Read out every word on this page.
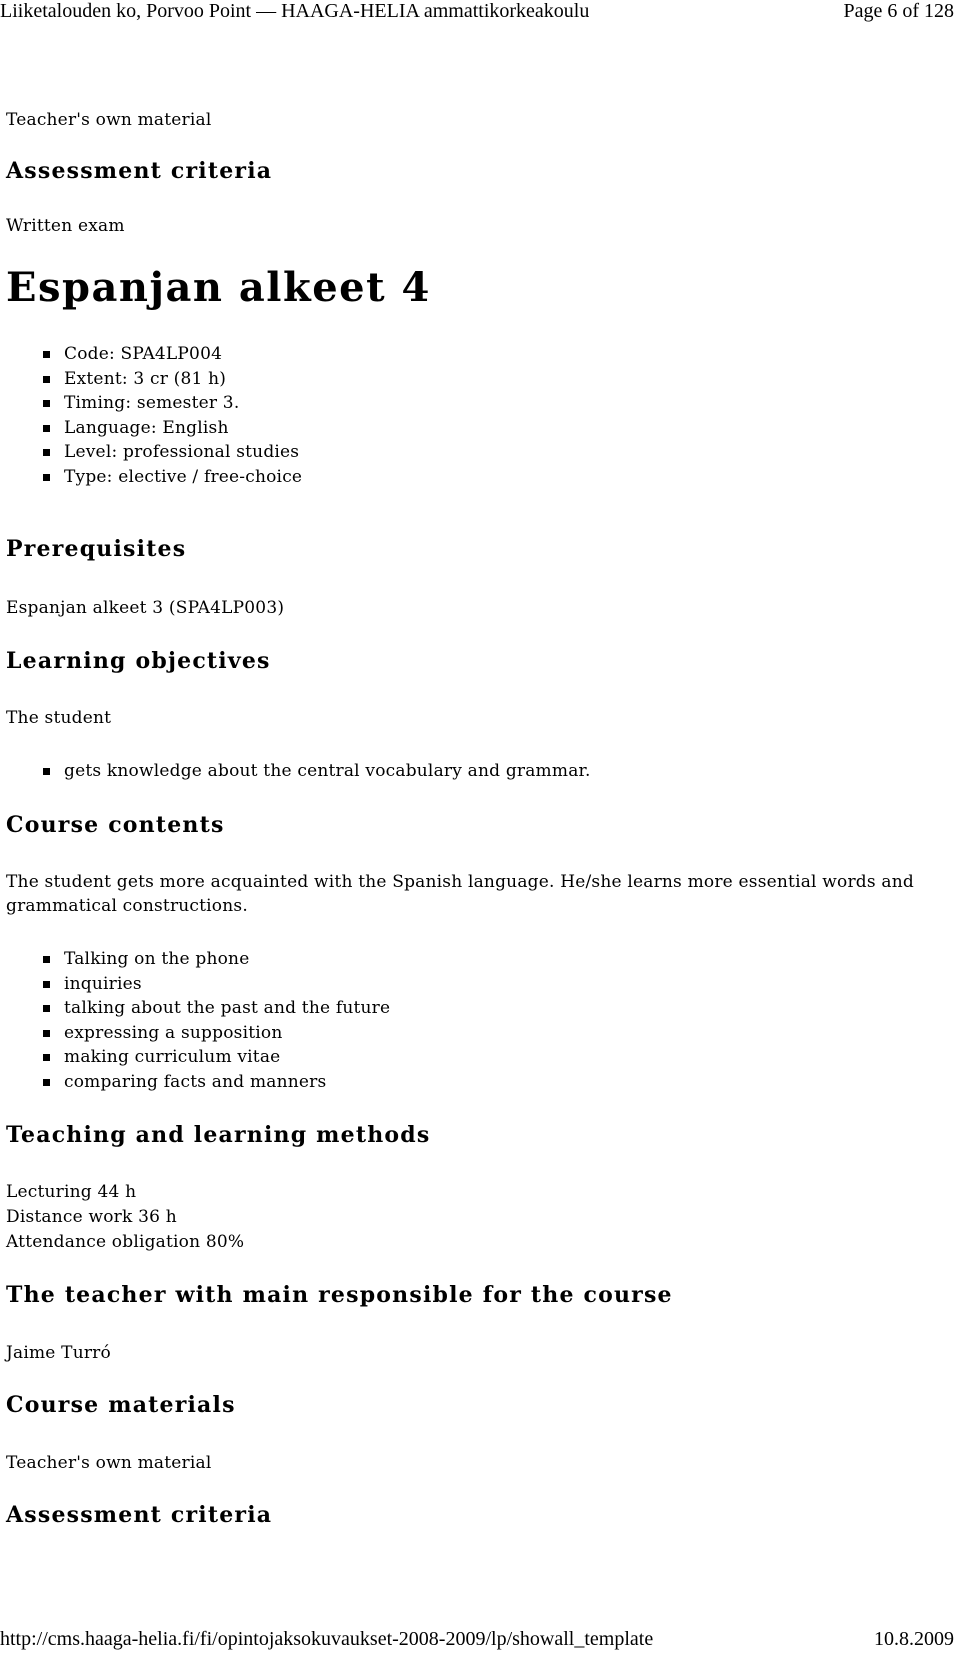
Liiketalouden ko, Porvoo Point — HAAGA-HELIA ammattikorkeakoulu	Page 6 of 128
Teacher's own material
Assessment criteria
Written exam
Espanjan alkeet 4
Code: SPA4LP004
Extent: 3 cr (81 h)
Timing: semester 3.
Language: English
Level: professional studies
Type: elective / free-choice
Prerequisites
Espanjan alkeet 3 (SPA4LP003)
Learning objectives
The student
gets knowledge about the central vocabulary and grammar.
Course contents
The student gets more acquainted with the Spanish language. He/she learns more essential words and grammatical constructions.
Talking on the phone
inquiries
talking about the past and the future
expressing a supposition
making curriculum vitae
comparing facts and manners
Teaching and learning methods
Lecturing 44 h
Distance work 36 h
Attendance obligation 80%
The teacher with main responsible for the course
Jaime Turró
Course materials
Teacher's own material
Assessment criteria
http://cms.haaga-helia.fi/fi/opintojaksokuvaukset-2008-2009/lp/showall_template	10.8.2009
